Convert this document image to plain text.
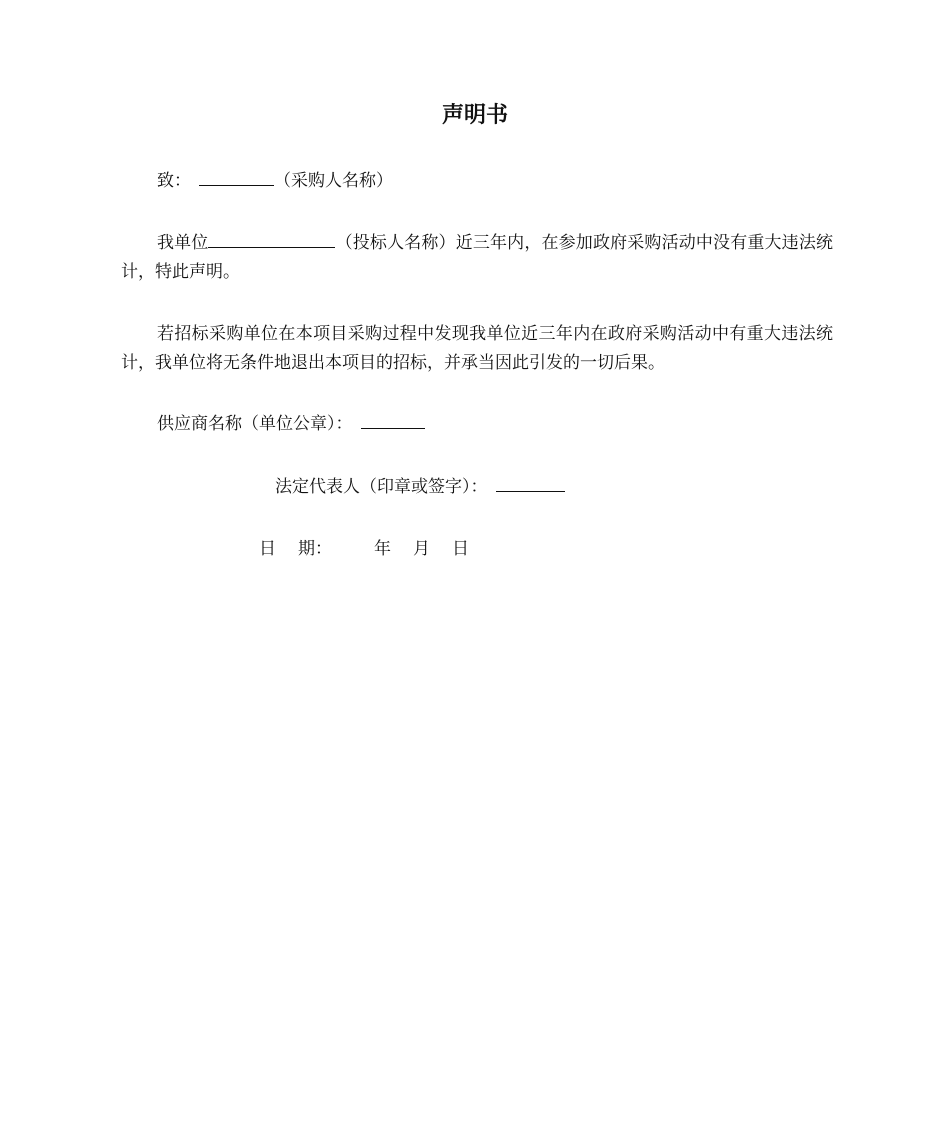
声明书
致：	（采购人名称）
我单位	（投标人名称）近三年内，在参加政府采购活动中没有重大违法统计，特此声明。
若招标采购单位在本项目采购过程中发现我单位近三年内在政府采购活动中有重大违法统计，我单位将无条件地退出本项目的招标，并承当因此引发的一切后果。
供应商名称（单位公章）：
法定代表人（印章或签字）：
日 期： 年 月 日
